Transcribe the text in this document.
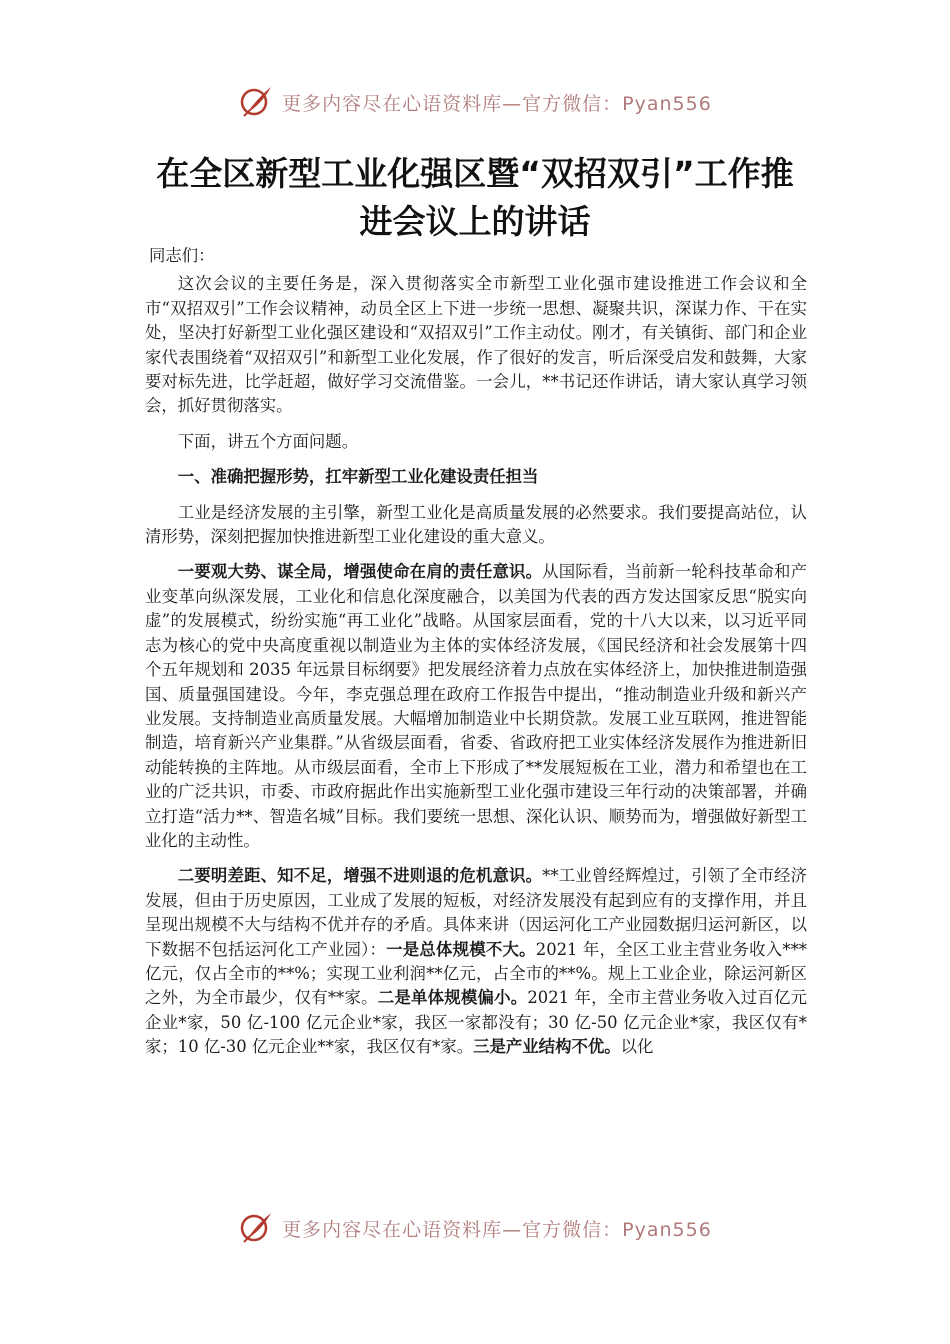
更多内容尽在心语资料库—官方微信：Pyan556
在全区新型工业化强区暨“双招双引”工作推进会议上的讲话

同志们：

这次会议的主要任务是，深入贯彻落实全市新型工业化强市建设推进工作会议和全市“双招双引”工作会议精神，动员全区上下进一步统一思想、凝聚共识，深谋力作、干在实处，坚决打好新型工业化强区建设和“双招双引”工作主动仗。刚才，有关镇街、部门和企业家代表围绕着“双招双引”和新型工业化发展，作了很好的发言，听后深受启发和鼓舞，大家要对标先进，比学赶超，做好学习交流借鉴。一会儿，**书记还作讲话，请大家认真学习领会，抓好贯彻落实。

下面，讲五个方面问题。

一、准确把握形势，扛牢新型工业化建设责任担当

工业是经济发展的主引擎，新型工业化是高质量发展的必然要求。我们要提高站位，认清形势，深刻把握加快推进新型工业化建设的重大意义。

一要观大势、谋全局，增强使命在肩的责任意识。从国际看，当前新一轮科技革命和产业变革向纵深发展，工业化和信息化深度融合，以美国为代表的西方发达国家反思“脱实向虚”的发展模式，纷纷实施“再工业化”战略。从国家层面看，党的十八大以来，以习近平同志为核心的党中央高度重视以制造业为主体的实体经济发展，《国民经济和社会发展第十四个五年规划和 2035 年远景目标纲要》把发展经济着力点放在实体经济上，加快推进制造强国、质量强国建设。今年，李克强总理在政府工作报告中提出，“推动制造业升级和新兴产业发展。支持制造业高质量发展。大幅增加制造业中长期贷款。发展工业互联网，推进智能制造，培育新兴产业集群。”从省级层面看，省委、省政府把工业实体经济发展作为推进新旧动能转换的主阵地。从市级层面看，全市上下形成了**发展短板在工业，潜力和希望也在工业的广泛共识，市委、市政府据此作出实施新型工业化强市建设三年行动的决策部署，并确立打造“活力**、智造名城”目标。我们要统一思想、深化认识、顺势而为，增强做好新型工业化的主动性。

二要明差距、知不足，增强不进则退的危机意识。**工业曾经辉煌过，引领了全市经济发展，但由于历史原因，工业成了发展的短板，对经济发展没有起到应有的支撑作用，并且呈现出规模不大与结构不优并存的矛盾。具体来讲（因运河化工产业园数据归运河新区，以下数据不包括运河化工产业园）：一是总体规模不大。2021 年，全区工业主营业务收入***亿元，仅占全市的**%；实现工业利润**亿元，占全市的**%。规上工业企业，除运河新区之外，为全市最少，仅有**家。二是单体规模偏小。2021 年，全市主营业务收入过百亿元企业*家，50 亿-100 亿元企业*家，我区一家都没有；30 亿-50 亿元企业*家，我区仅有*家；10 亿-30 亿元企业**家，我区仅有*家。三是产业结构不优。以化

更多内容尽在心语资料库—官方微信：Pyan556
